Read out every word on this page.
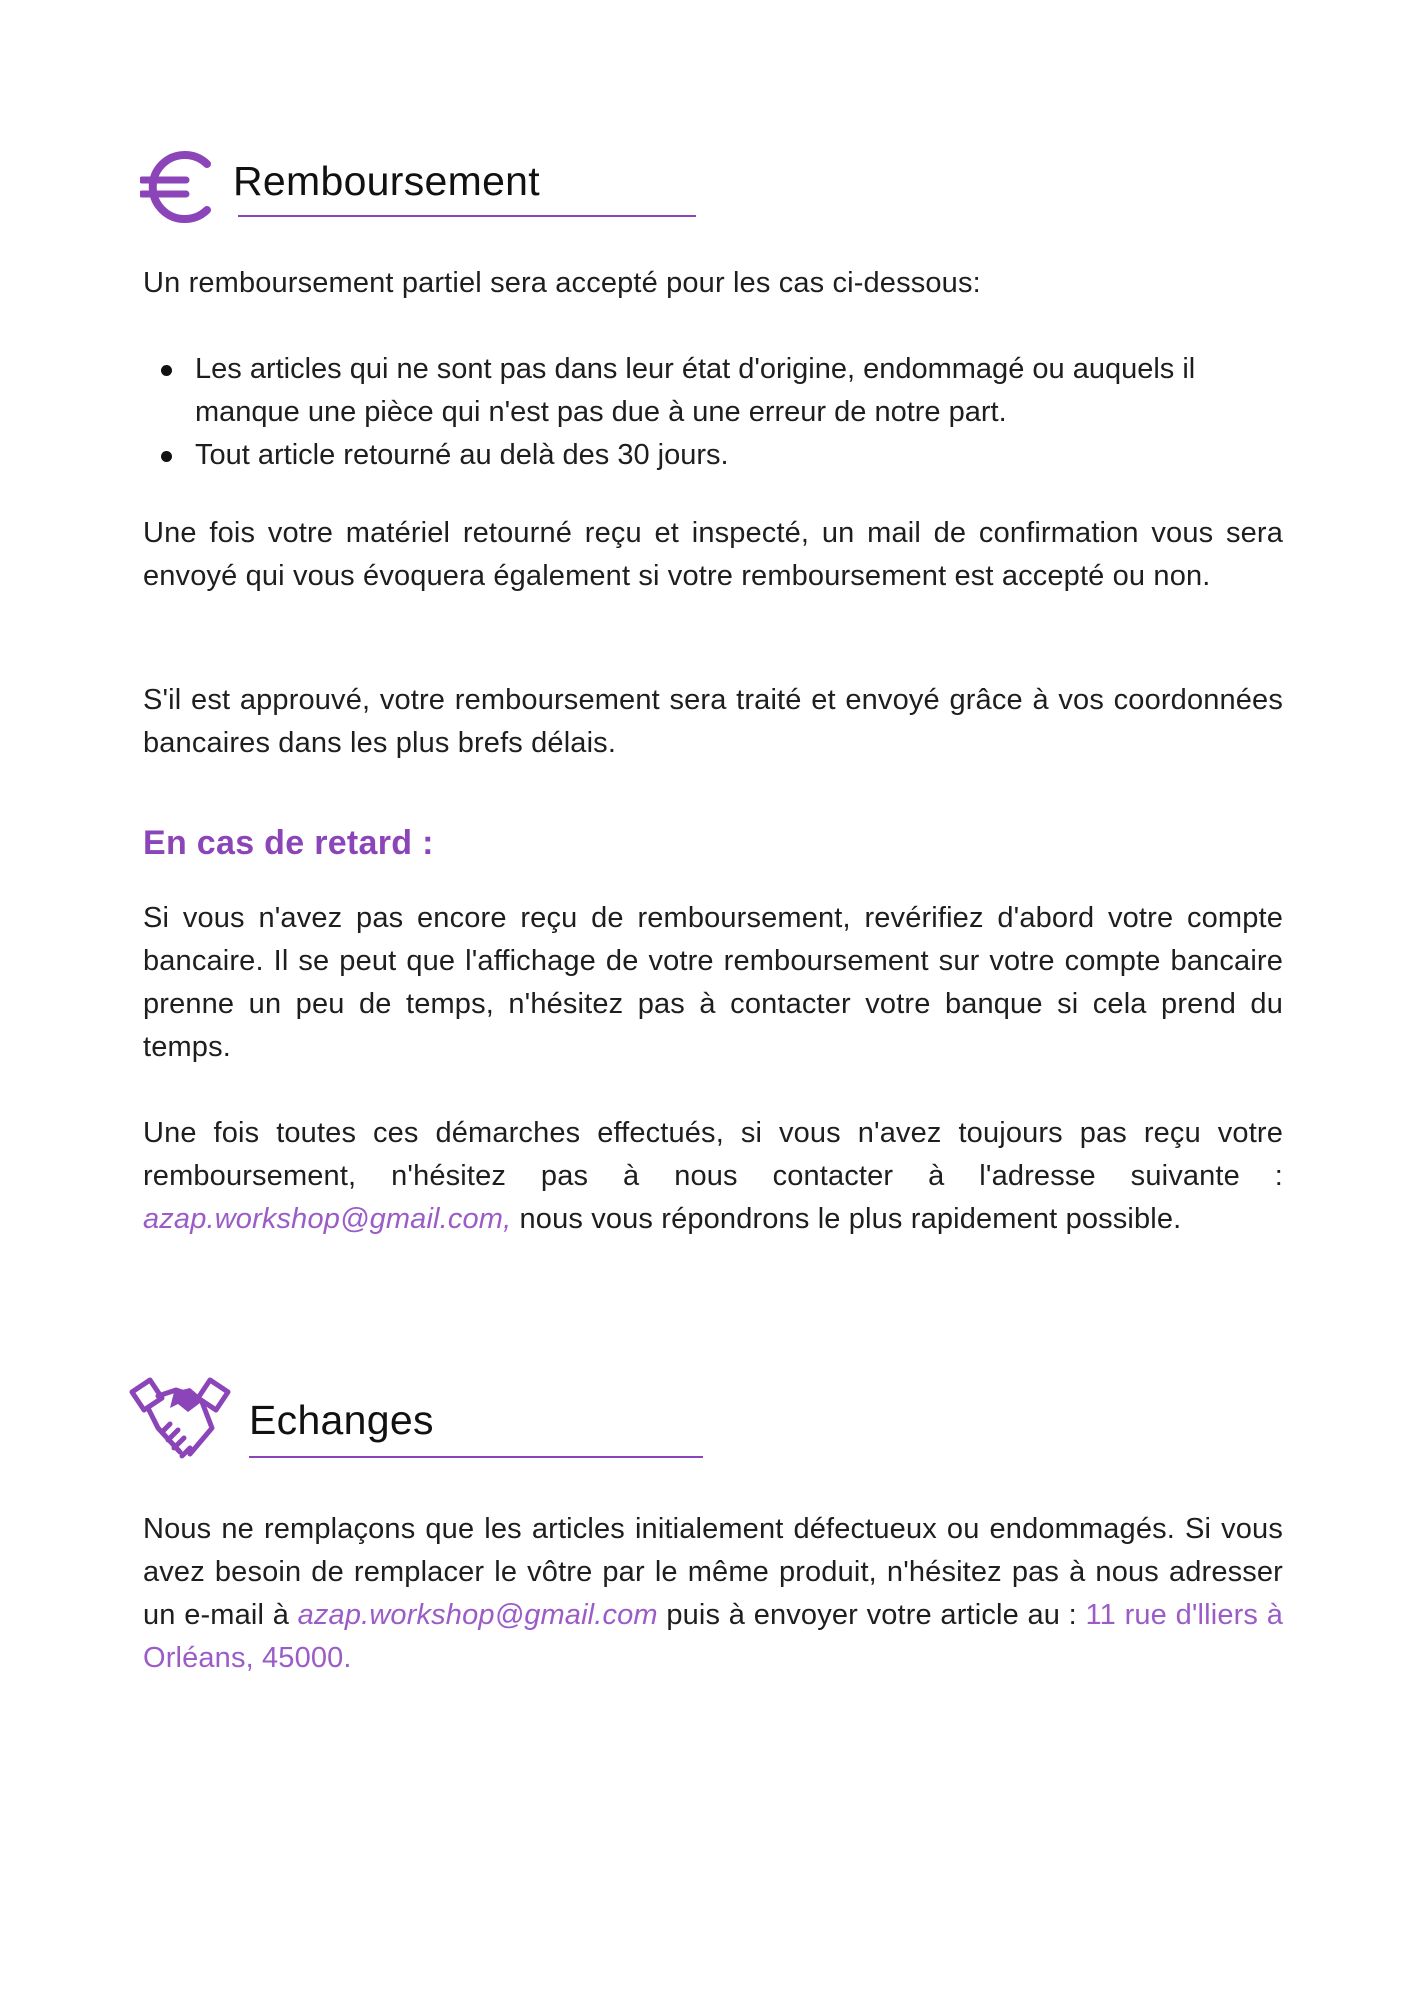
Remboursement

Un remboursement partiel sera accepté pour les cas ci-dessous:

Les articles qui ne sont pas dans leur état d'origine, endommagé ou auquels il manque une pièce qui n'est pas due à une erreur de notre part.
Tout article retourné au delà des 30 jours.

Une fois votre matériel retourné reçu et inspecté, un mail de confirmation vous sera envoyé qui vous évoquera également si votre remboursement est accepté ou non.

S'il est approuvé, votre remboursement sera traité et envoyé grâce à vos coordonnées bancaires dans les plus brefs délais.

En cas de retard :

Si vous n'avez pas encore reçu de remboursement, revérifiez d'abord votre compte bancaire. Il se peut que l'affichage de votre remboursement sur votre compte bancaire prenne un peu de temps, n'hésitez pas à contacter votre banque si cela prend du temps.

Une fois toutes ces démarches effectués, si vous n'avez toujours pas reçu votre remboursement, n'hésitez pas à nous contacter à l'adresse suivante : azap.workshop@gmail.com, nous vous répondrons le plus rapidement possible.

Echanges

Nous ne remplaçons que les articles initialement défectueux ou endommagés. Si vous avez besoin de remplacer le vôtre par le même produit, n'hésitez pas à nous adresser un e-mail à azap.workshop@gmail.com puis à envoyer votre article au : 11 rue d'lliers à Orléans, 45000.
